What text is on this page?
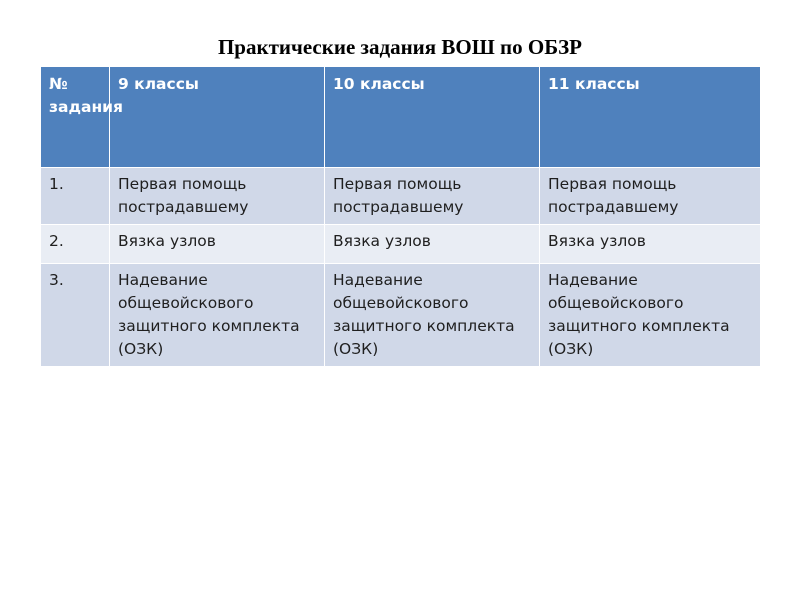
Практические задания ВОШ по ОБЗР
№ задания	9 классы	10 классы	11 классы
1.	Первая помощь пострадавшему	Первая помощь пострадавшему	Первая помощь пострадавшему
2.	Вязка узлов	Вязка узлов	Вязка узлов
3.	Надевание общевойскового защитного комплекта (ОЗК)	Надевание общевойскового защитного комплекта (ОЗК)	Надевание общевойскового защитного комплекта (ОЗК)
